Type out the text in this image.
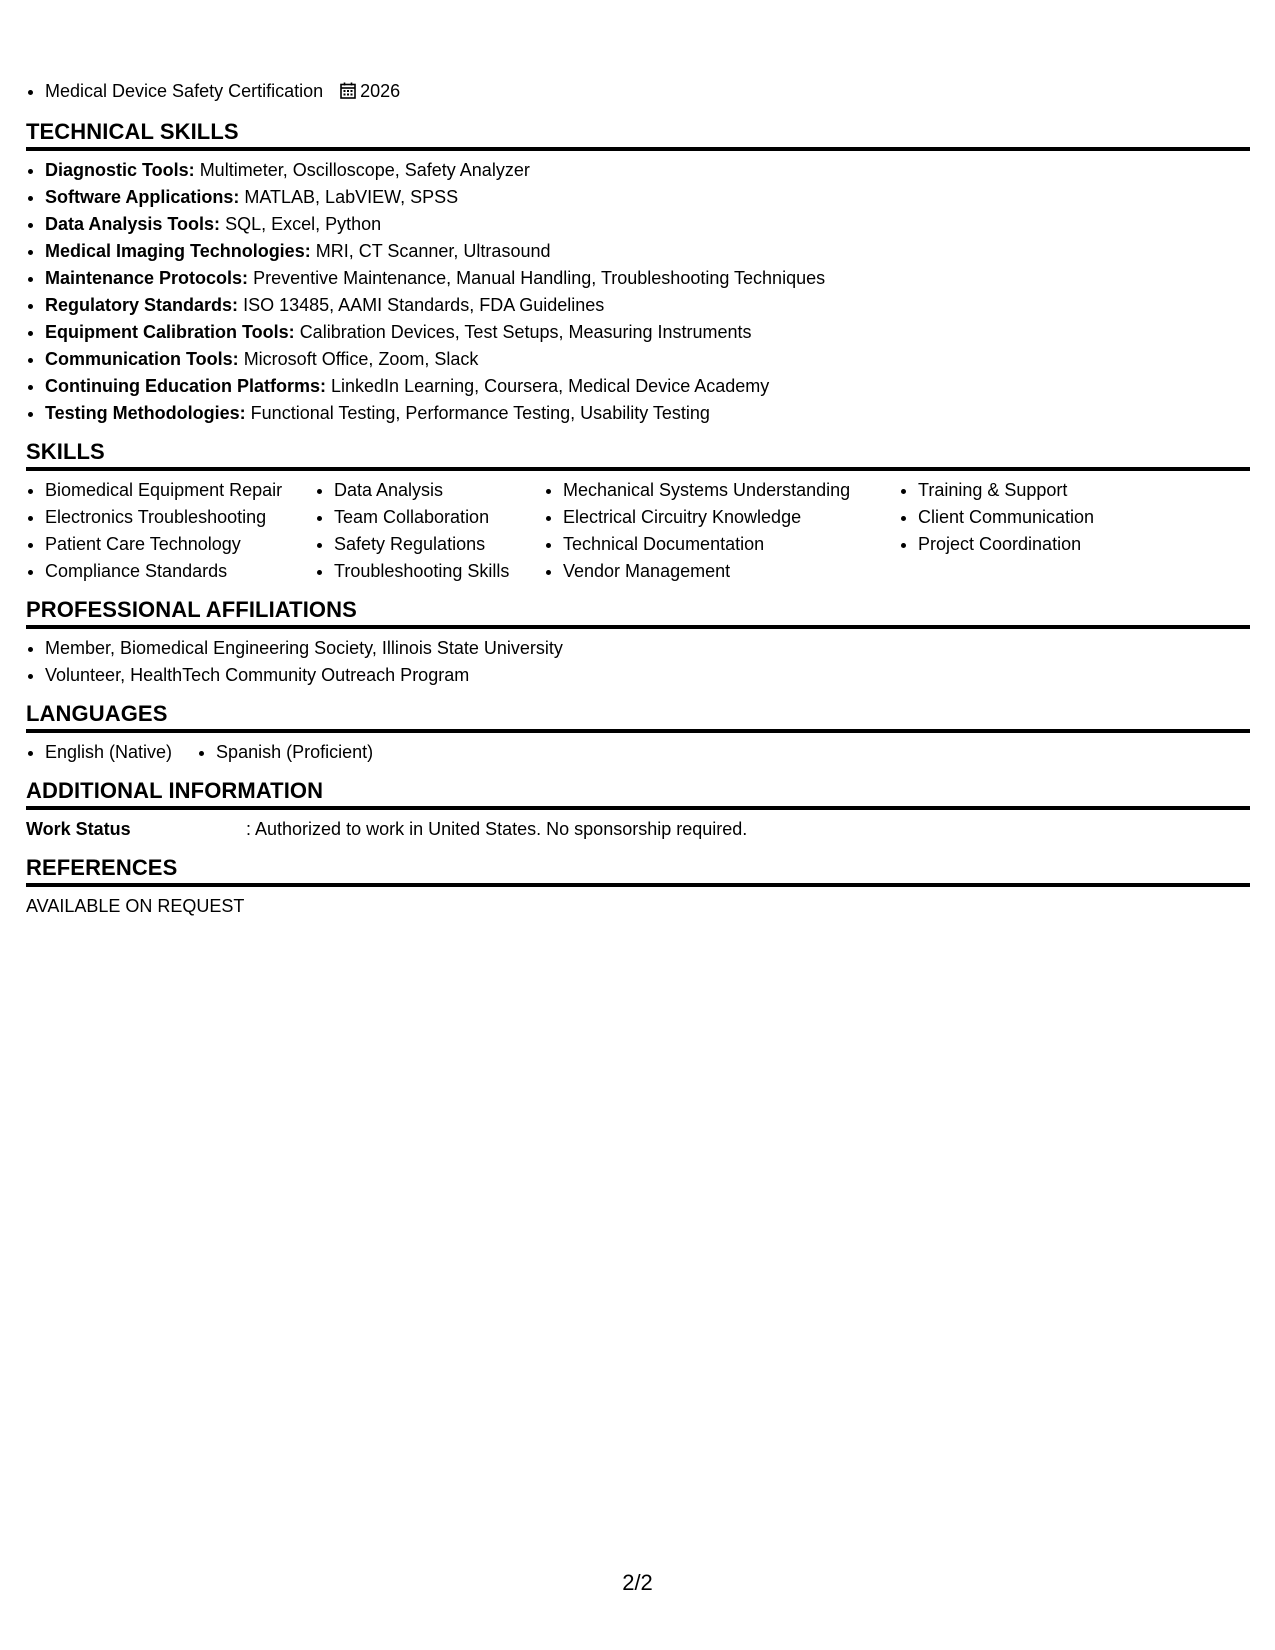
• Medical Device Safety Certification 2026
TECHNICAL SKILLS
• Diagnostic Tools: Multimeter, Oscilloscope, Safety Analyzer
• Software Applications: MATLAB, LabVIEW, SPSS
• Data Analysis Tools: SQL, Excel, Python
• Medical Imaging Technologies: MRI, CT Scanner, Ultrasound
• Maintenance Protocols: Preventive Maintenance, Manual Handling, Troubleshooting Techniques
• Regulatory Standards: ISO 13485, AAMI Standards, FDA Guidelines
• Equipment Calibration Tools: Calibration Devices, Test Setups, Measuring Instruments
• Communication Tools: Microsoft Office, Zoom, Slack
• Continuing Education Platforms: LinkedIn Learning, Coursera, Medical Device Academy
• Testing Methodologies: Functional Testing, Performance Testing, Usability Testing
SKILLS
• Biomedical Equipment Repair
• Electronics Troubleshooting
• Patient Care Technology
• Compliance Standards
• Data Analysis
• Team Collaboration
• Safety Regulations
• Troubleshooting Skills
• Mechanical Systems Understanding
• Electrical Circuitry Knowledge
• Technical Documentation
• Vendor Management
• Training & Support
• Client Communication
• Project Coordination
PROFESSIONAL AFFILIATIONS
• Member, Biomedical Engineering Society, Illinois State University
• Volunteer, HealthTech Community Outreach Program
LANGUAGES
• English (Native)
• Spanish (Proficient)
ADDITIONAL INFORMATION
Work Status	: Authorized to work in United States. No sponsorship required.
REFERENCES
AVAILABLE ON REQUEST
2/2
